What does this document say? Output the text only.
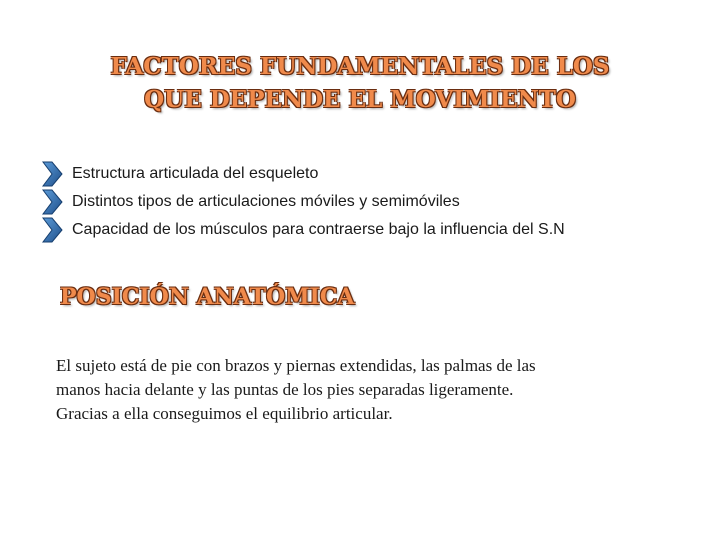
FACTORES FUNDAMENTALES DE LOS
QUE DEPENDE EL MOVIMIENTO
Estructura articulada del esqueleto
Distintos tipos de articulaciones móviles y semimóviles
Capacidad de los músculos para contraerse bajo la influencia del S.N
POSICIÓN ANATÓMICA
El sujeto está de pie con brazos y piernas extendidas, las palmas de las
manos hacia delante y las puntas de los pies separadas ligeramente.
Gracias a ella conseguimos el equilibrio articular.
